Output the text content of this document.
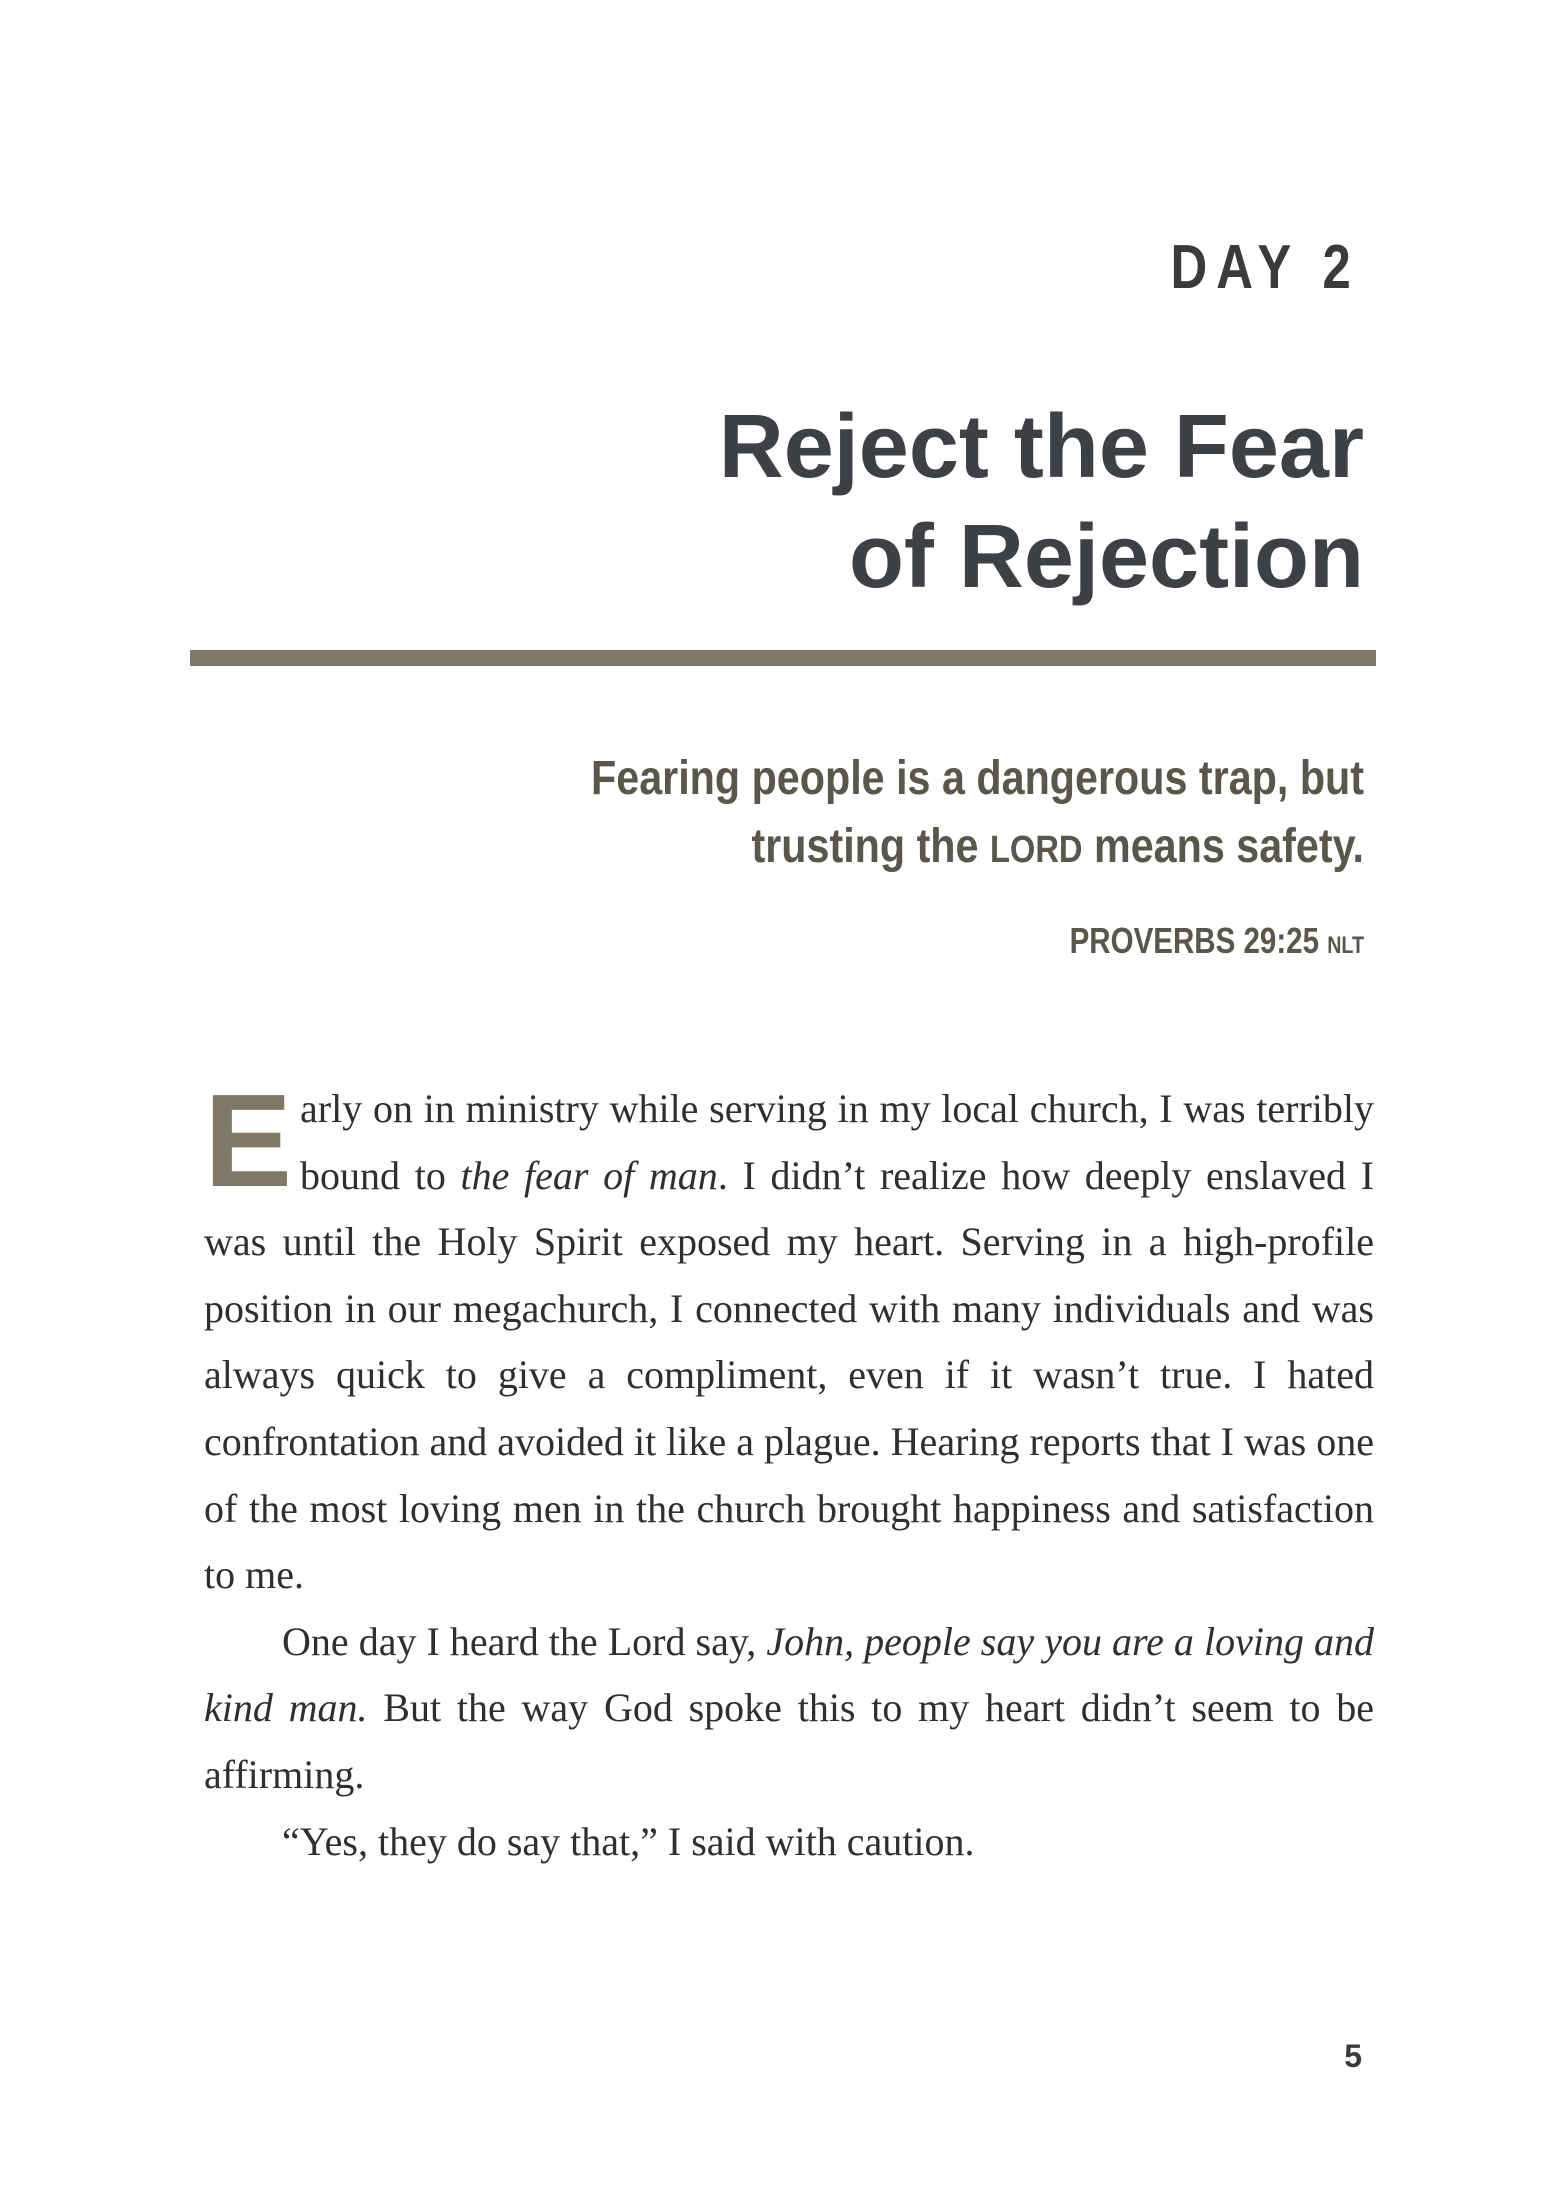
DAY 2
Reject the Fear
of Rejection

Fearing people is a dangerous trap, but
trusting the LORD means safety.

PROVERBS 29:25 NLT

Early on in ministry while serving in my local church, I was terribly bound to the fear of man. I didn’t realize how deeply enslaved I was until the Holy Spirit exposed my heart. Serving in a high-profile position in our megachurch, I connected with many individuals and was always quick to give a compliment, even if it wasn’t true. I hated confrontation and avoided it like a plague. Hearing reports that I was one of the most loving men in the church brought happiness and satisfaction to me.

One day I heard the Lord say, John, people say you are a loving and kind man. But the way God spoke this to my heart didn’t seem to be affirming.

“Yes, they do say that,” I said with caution.

5
